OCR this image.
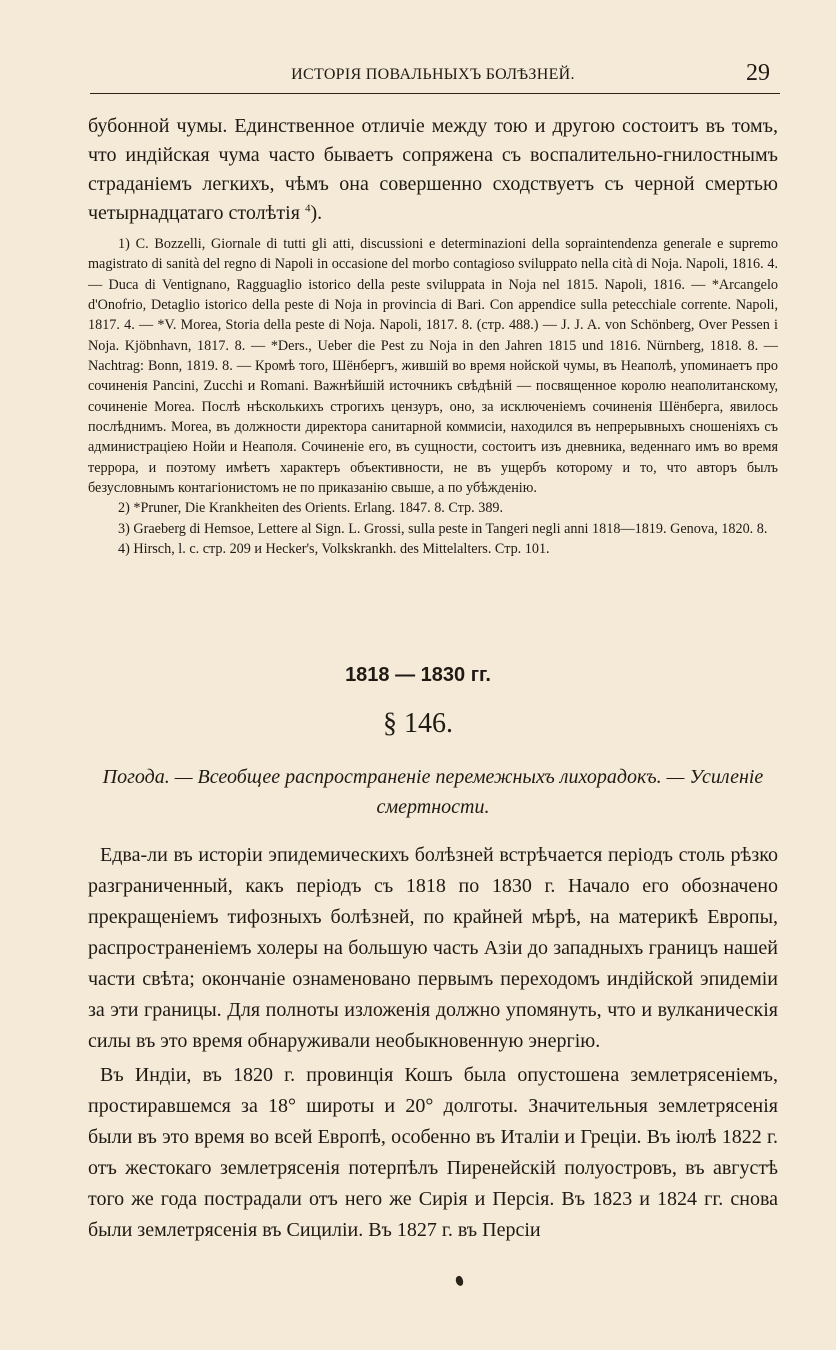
ИСТОРІЯ ПОВАЛЬНЫХЪ БОЛѢЗНЕЙ.	29
бубонной чумы. Единственное отличіе между тою и другою состоитъ въ томъ, что индійская чума часто бываетъ сопряжена съ воспалительно-гнилостнымъ страданіемъ легкихъ, чѣмъ она совершенно сходствуетъ съ черной смертью четырнадцатаго столѣтія $^4$).

1) C. Bozzelli, Giornale di tutti gli atti, discussioni e determinazioni della sopraintendenza generale e supremo magistrato di sanità del regno di Napoli in occasione del morbo contagioso sviluppato nella cità di Noja. Napoli, 1816. 4. — Duca di Ventignano, Ragguaglio istorico della peste sviluppata in Noja nel 1815. Napoli, 1816. — *Arcangelo d'Onofrio, Detaglio istorico della peste di Noja in provincia di Bari. Con appendice sulla petecchiale corrente. Napoli, 1817. 4. — *V. Morea, Storia della peste di Noja. Napoli, 1817. 8. (стр. 488.) — J. J. A. von Schönberg, Over Pessen i Noja. Kjöbnhavn, 1817. 8. — *Ders., Ueber die Pest zu Noja in den Jahren 1815 und 1816. Nürnberg, 1818. 8. — Nachtrag: Bonn, 1819. 8. — Кромѣ того, Шёнбергъ, жившій во время нойской чумы, въ Неаполѣ, упоминаетъ про сочиненія Pancini, Zucchi и Romani. Важнѣйшій источникъ свѣдѣній — посвященное королю неаполитанскому, сочиненіе Morea. Послѣ нѣсколькихъ строгихъ цензуръ, оно, за исключеніемъ сочиненія Шёнберга, явилось послѣднимъ. Morea, въ должности директора санитарной коммисіи, находился въ непрерывныхъ сношеніяхъ съ администраціею Нойи и Неаполя. Сочиненіе его, въ сущности, состоитъ изъ дневника, веденнаго имъ во время террора, и поэтому имѣетъ характеръ объективности, не въ ущербъ которому и то, что авторъ былъ безусловнымъ контагіонистомъ не по приказанію свыше, а по убѣжденію.

2) *Pruner, Die Krankheiten des Orients. Erlang. 1847. 8. Стр. 389.

3) Graeberg di Hemsoe, Lettere al Sign. L. Grossi, sulla peste in Tangeri negli anni 1818—1819. Genova, 1820. 8.

4) Hirsch, l. c. стр. 209 и Hecker's, Volkskrankh. des Mittelalters. Стр. 101.

1818 — 1830 гг.
§ 146.
Погода. — Всеобщее распространеніе перемежныхъ лихорадокъ. — Усиленіе смертности.

Едва-ли въ исторіи эпидемическихъ болѣзней встрѣчается періодъ столь рѣзко разграниченный, какъ періодъ съ 1818 по 1830 г. Начало его обозначено прекращеніемъ тифозныхъ болѣзней, по крайней мѣрѣ, на материкѣ Европы, распространеніемъ холеры на большую часть Азіи до западныхъ границъ нашей части свѣта; окончаніе ознаменовано первымъ переходомъ индійской эпидеміи за эти границы. Для полноты изложенія должно упомянуть, что и вулканическія силы въ это время обнаруживали необыкновенную энергію.

Въ Индіи, въ 1820 г. провинція Кошъ была опустошена землетрясеніемъ, простиравшемся за 18° широты и 20° долготы. Значительныя землетрясенія были въ это время во всей Европѣ, особенно въ Италіи и Греціи. Въ іюлѣ 1822 г. отъ жестокаго землетрясенія потерпѣлъ Пиренейскій полуостровъ, въ августѣ того же года пострадали отъ него же Сирія и Персія. Въ 1823 и 1824 гг. снова были землетрясенія въ Сициліи. Въ 1827 г. въ Персіи
